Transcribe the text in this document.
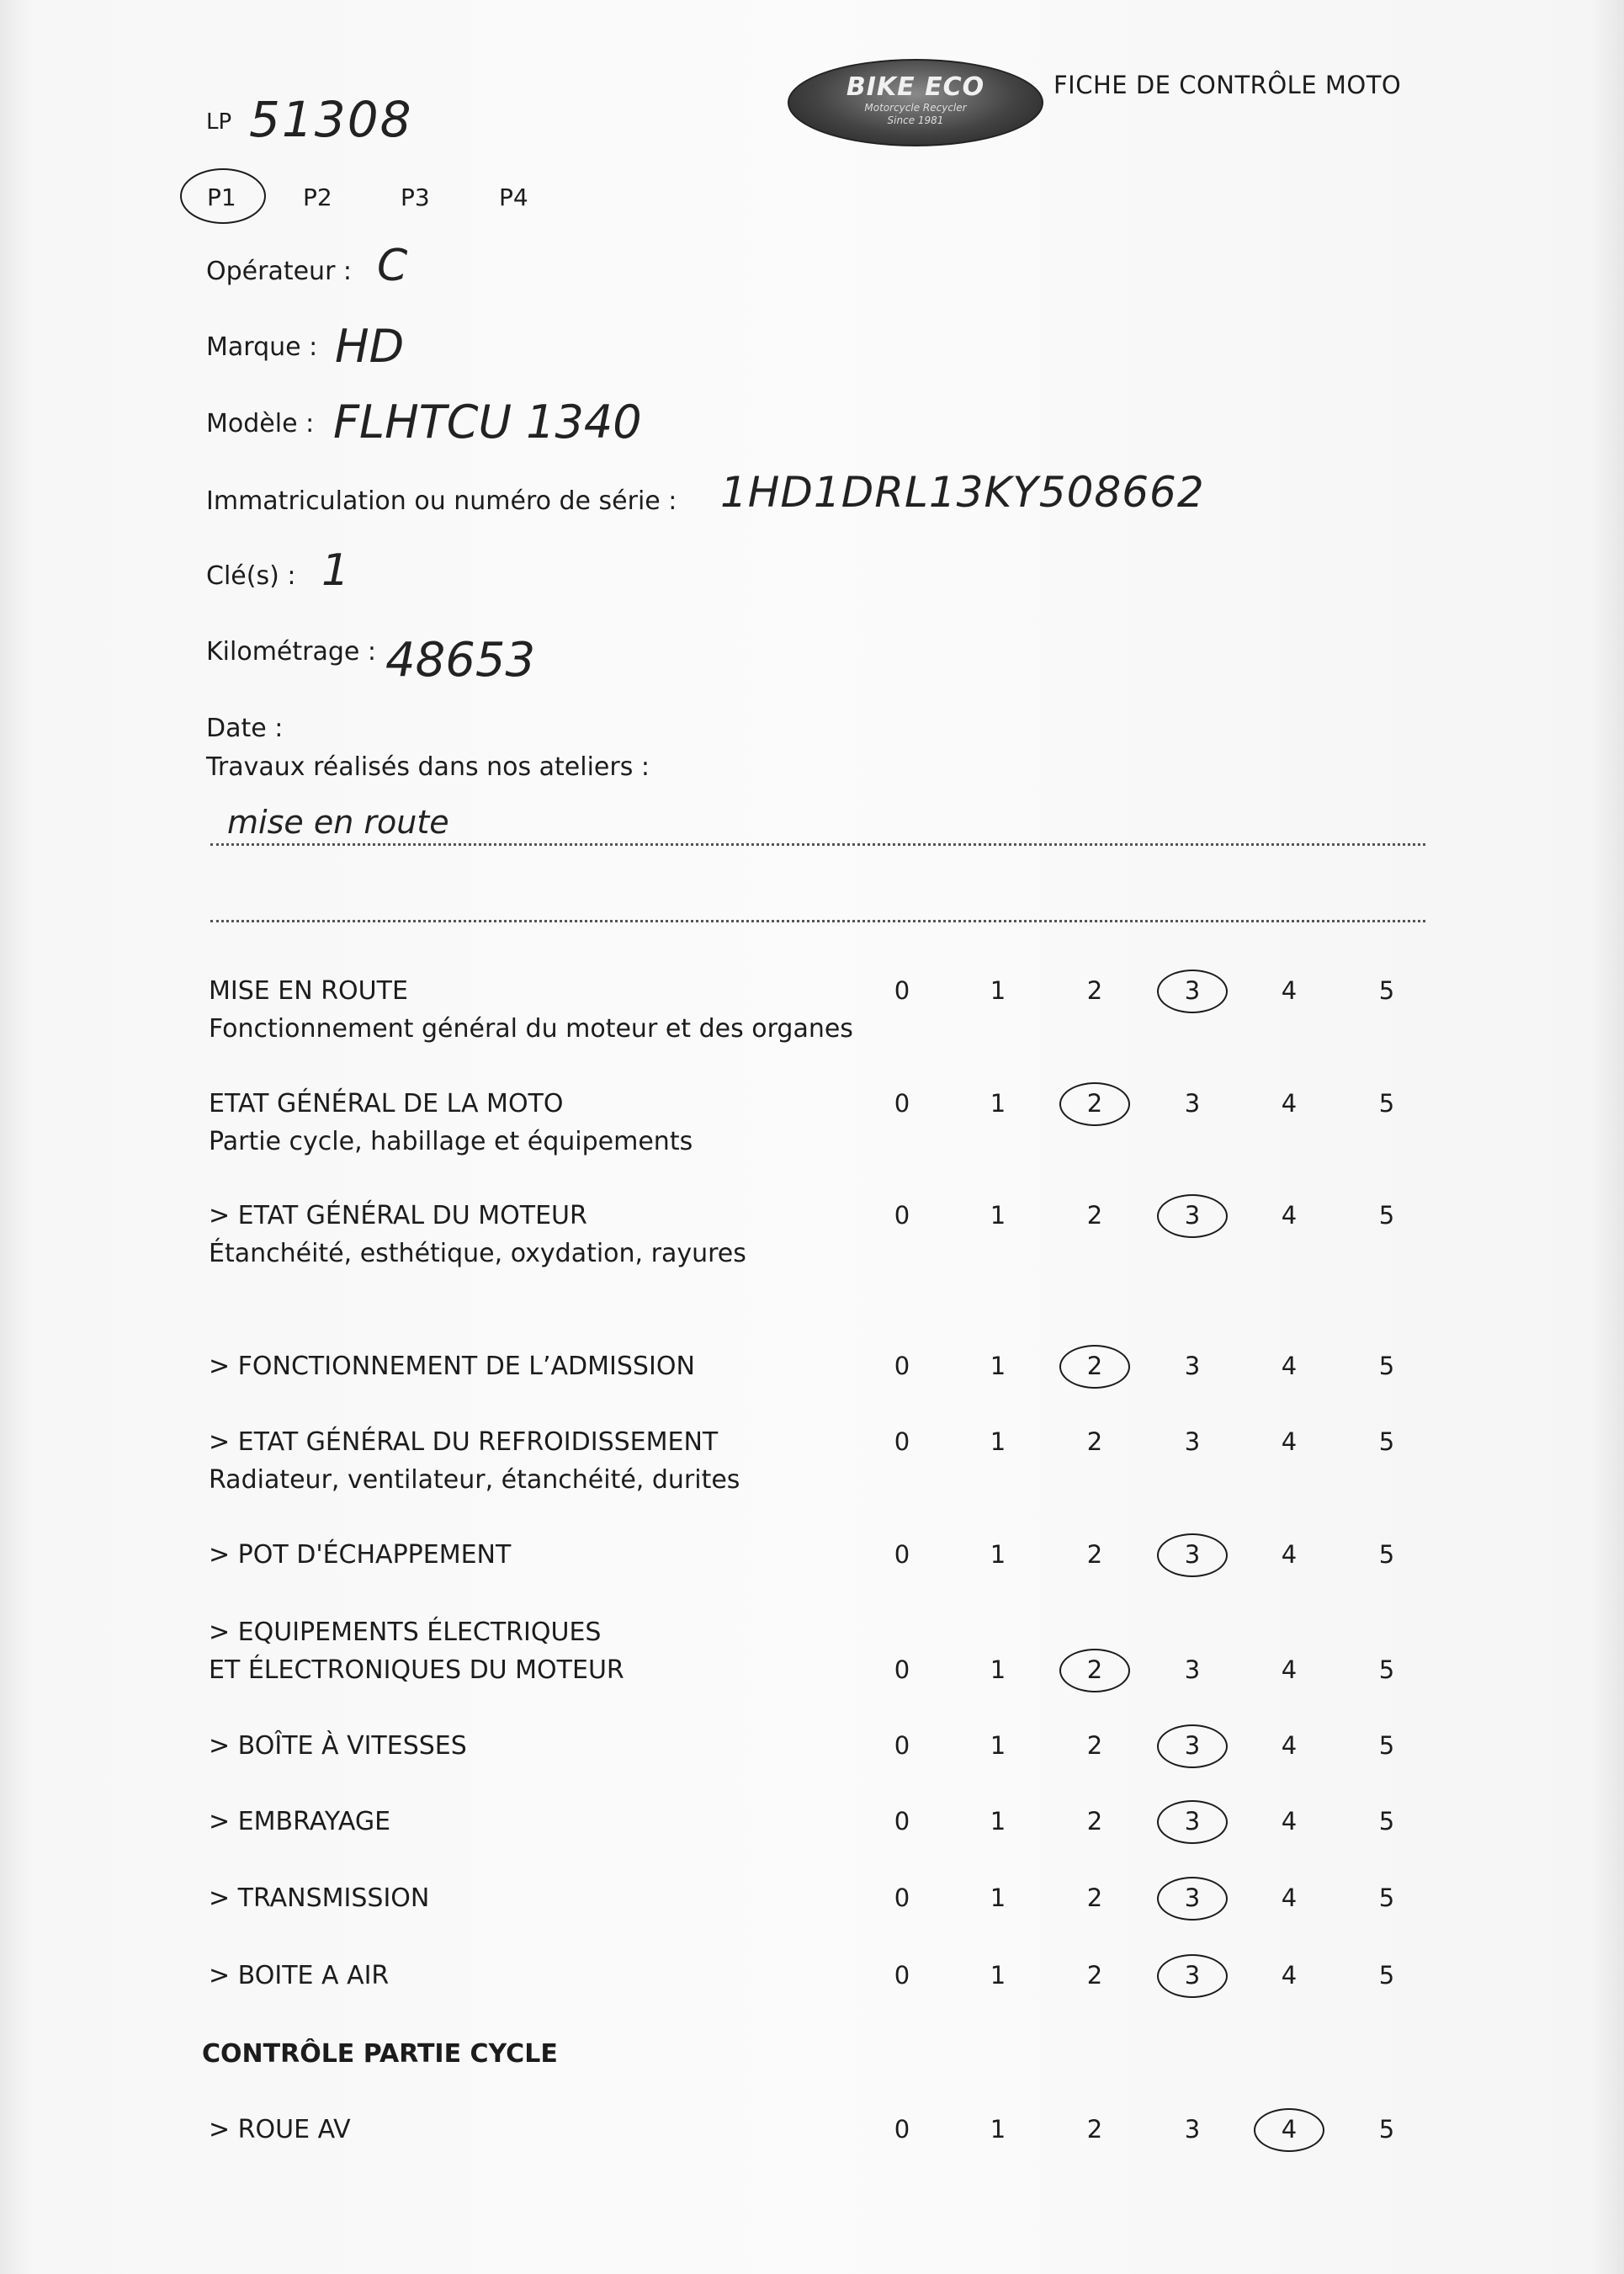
BIKE ECO
Motorcycle Recycler
Since 1981
FICHE DE CONTRÔLE MOTO
LP 51308
P1	P2	P3	P4
Opérateur : C
Marque : HD
Modèle : FLHTCU 1340
Immatriculation ou numéro de série : 1HD1DRL13KY508662
Clé(s) : 1
Kilométrage : 48653
Date :
Travaux réalisés dans nos ateliers :
mise en route
MISE EN ROUTE
Fonctionnement général du moteur et des organes
0	1	2	3	4	5
ETAT GÉNÉRAL DE LA MOTO
Partie cycle, habillage et équipements
0	1	2	3	4	5
> ETAT GÉNÉRAL DU MOTEUR
Étanchéité, esthétique, oxydation, rayures
0	1	2	3	4	5
> FONCTIONNEMENT DE L’ADMISSION	0	1	2	3	4	5
> ETAT GÉNÉRAL DU REFROIDISSEMENT
Radiateur, ventilateur, étanchéité, durites
0	1	2	3	4	5
> POT D'ÉCHAPPEMENT	0	1	2	3	4	5
> EQUIPEMENTS ÉLECTRIQUES
ET ÉLECTRONIQUES DU MOTEUR	0	1	2	3	4	5
> BOÎTE À VITESSES	0	1	2	3	4	5
> EMBRAYAGE	0	1	2	3	4	5
> TRANSMISSION	0	1	2	3	4	5
> BOITE A AIR	0	1	2	3	4	5
> ROUE AV	0	1	2	3	4	5
CONTRÔLE PARTIE CYCLE
